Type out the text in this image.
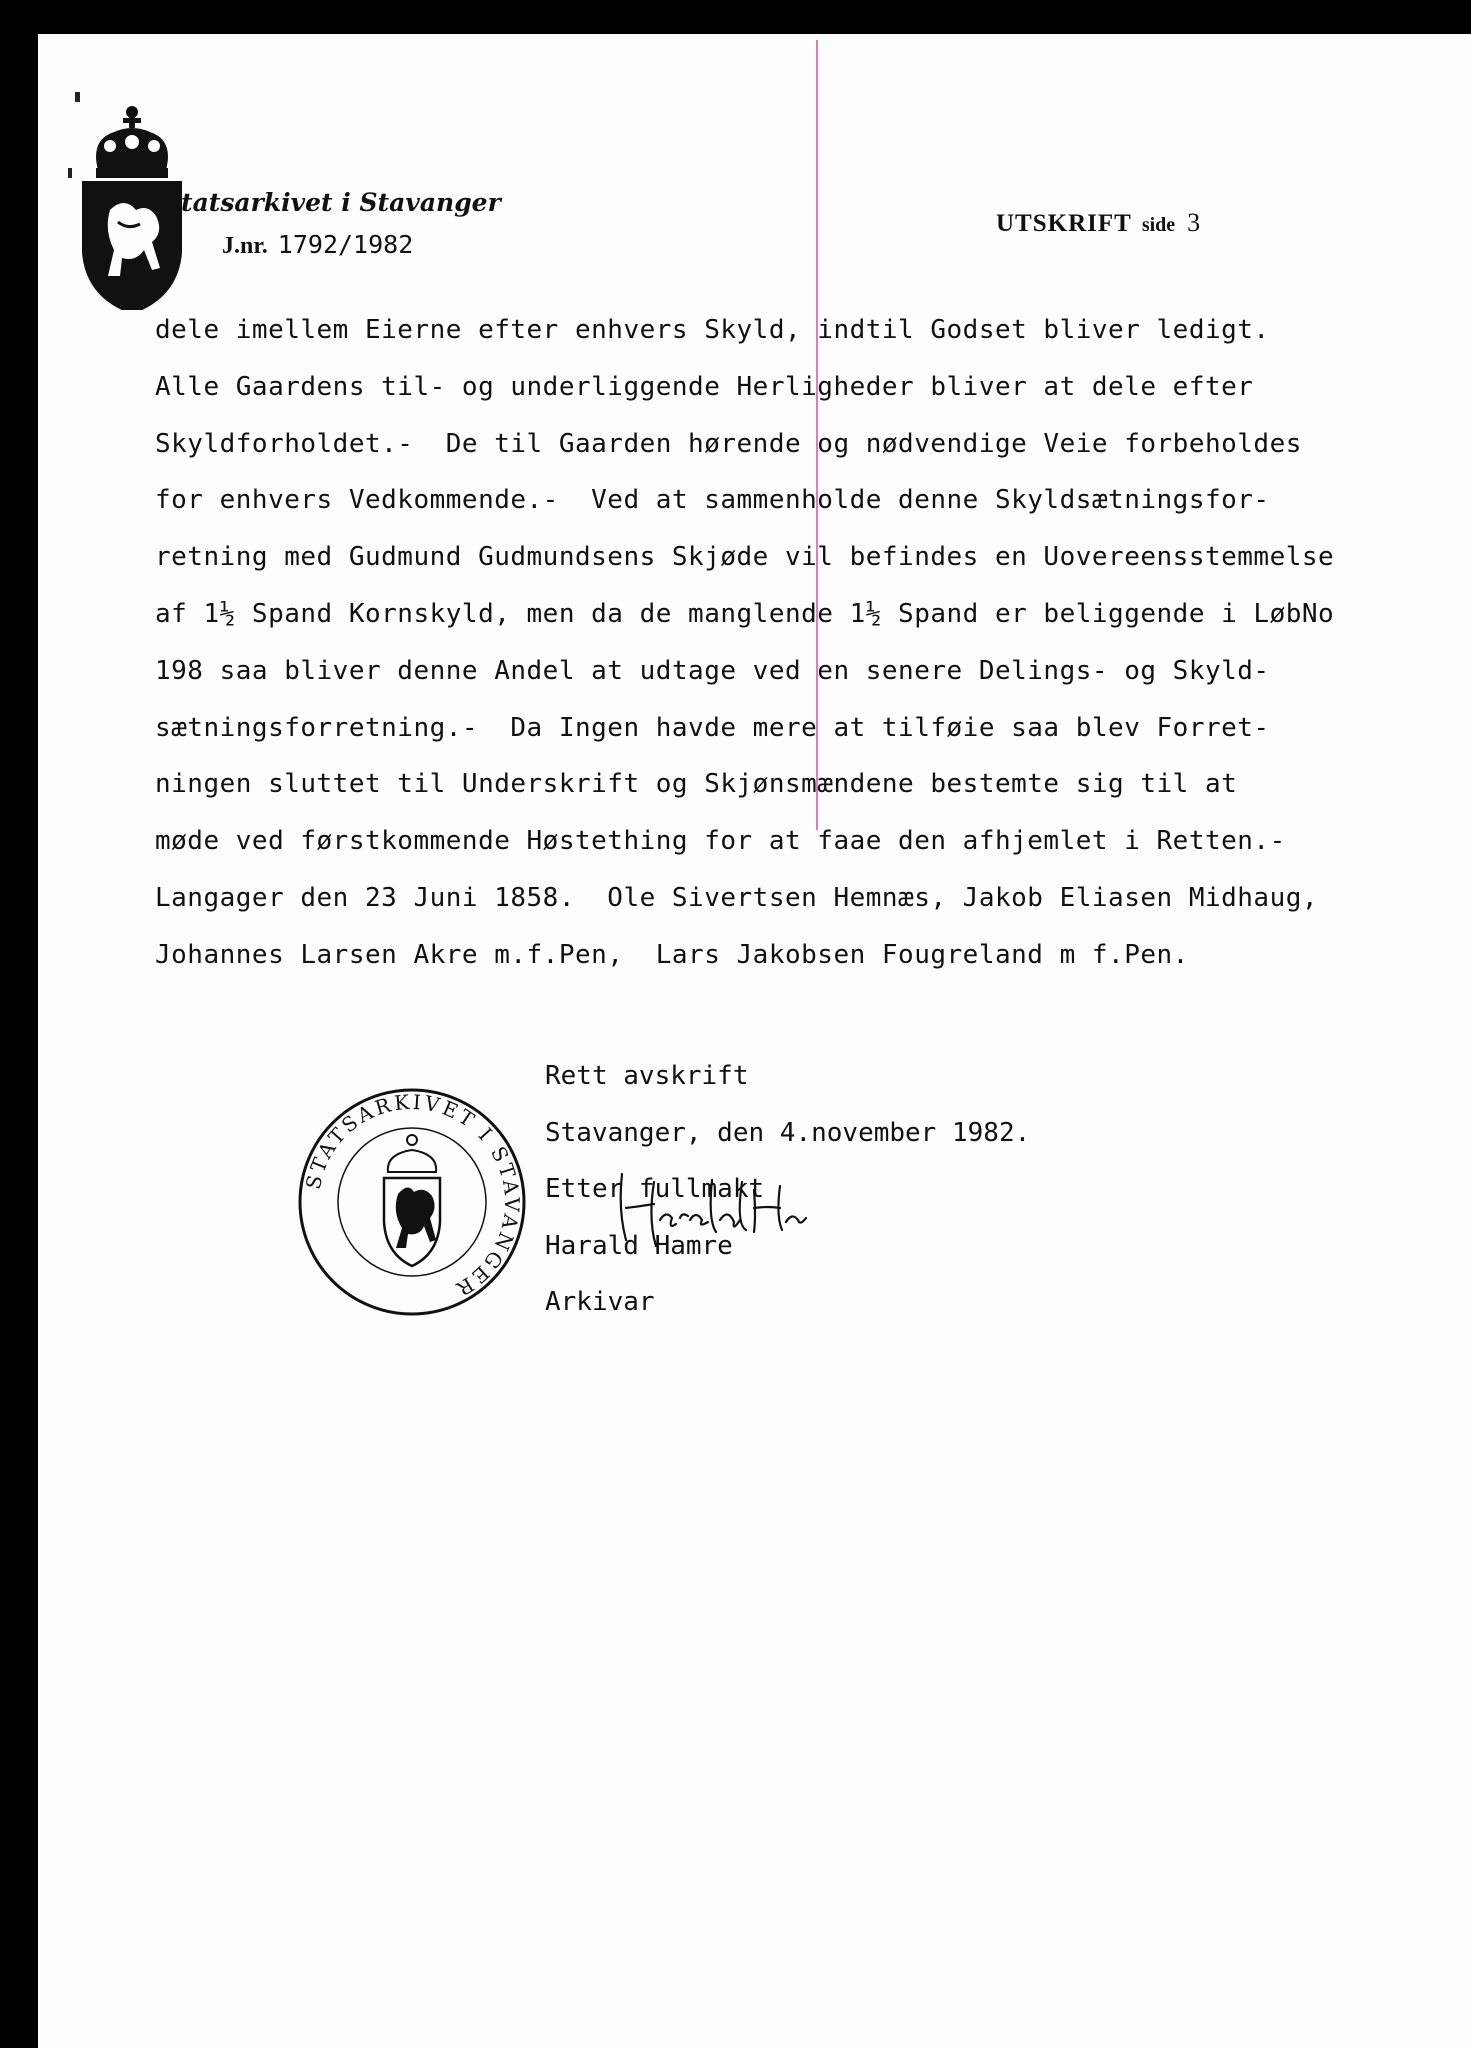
Statsarkivet i Stavanger
J.nr. 1792/1982
UTSKRIFT side 3
dele imellem Eierne efter enhvers Skyld, indtil Godset bliver ledigt.
Alle Gaardens til- og underliggende Herligheder bliver at dele efter
Skyldforholdet.-  De til Gaarden hørende og nødvendige Veie forbeholdes
for enhvers Vedkommende.-  Ved at sammenholde denne Skyldsætningsfor-
retning med Gudmund Gudmundsens Skjøde vil befindes en Uovereensstemmelse
af 1½ Spand Kornskyld, men da de manglende 1½ Spand er beliggende i LøbNo
198 saa bliver denne Andel at udtage ved en senere Delings- og Skyld-
sætningsforretning.-  Da Ingen havde mere at tilføie saa blev Forret-
ningen sluttet til Underskrift og Skjønsmændene bestemte sig til at
møde ved førstkommende Høstething for at faae den afhjemlet i Retten.-
Langager den 23 Juni 1858.  Ole Sivertsen Hemnæs, Jakob Eliasen Midhaug,
Johannes Larsen Akre m.f.Pen,  Lars Jakobsen Fougreland m f.Pen.
STATSARKIVET I STAVANGER
Rett avskrift
Stavanger, den 4.november 1982.
Etter fullmakt
Harald Hamre
Arkivar
